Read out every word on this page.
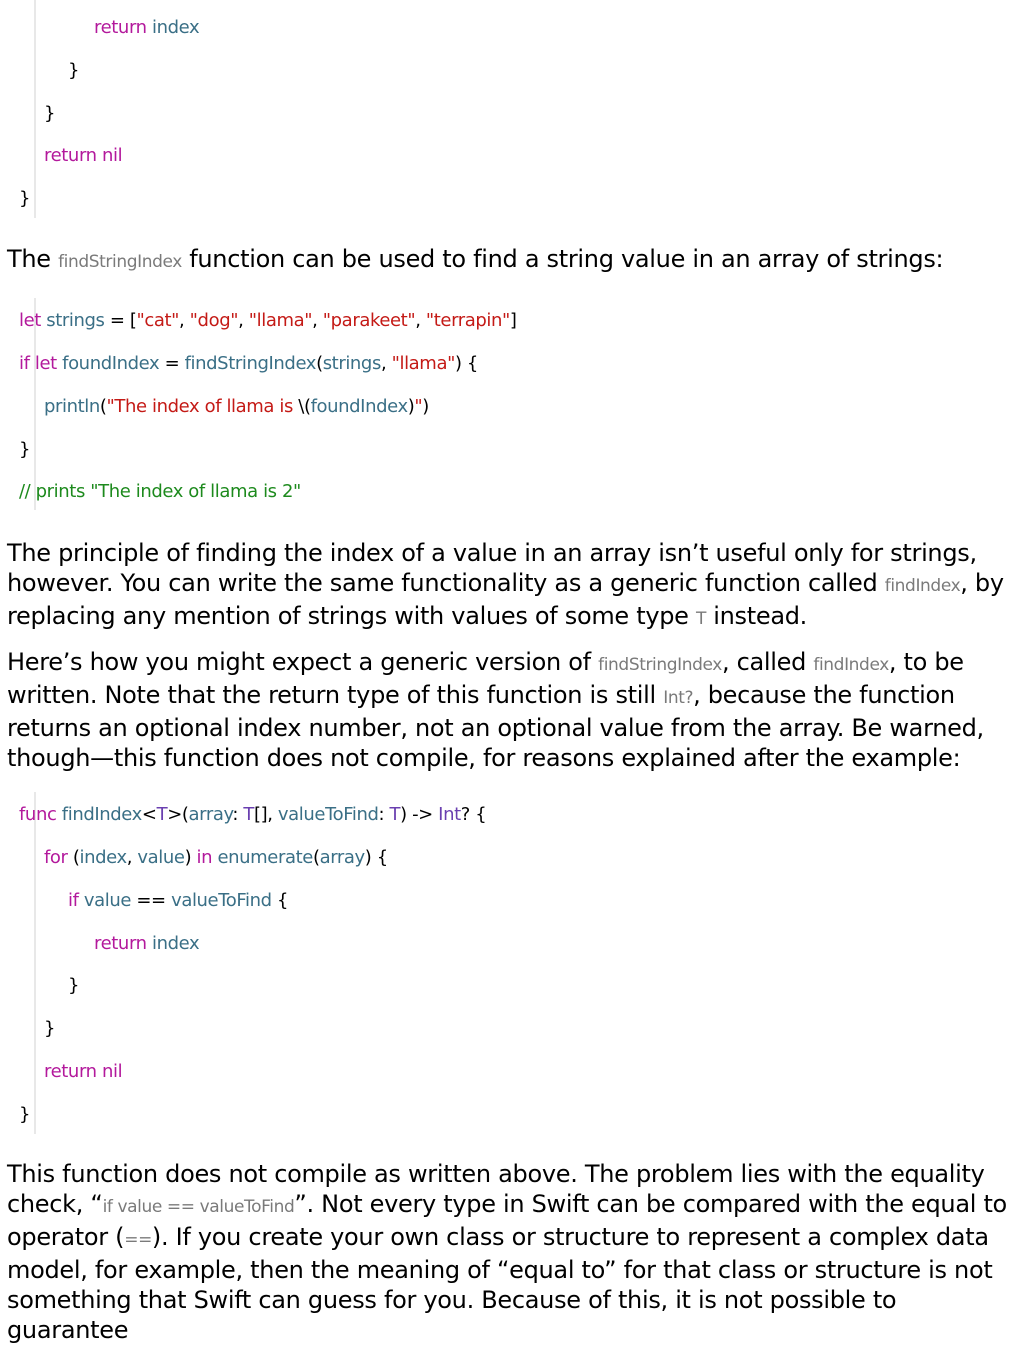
return index
}
}
return nil
}

The findStringIndex function can be used to find a string value in an array of strings:

let strings = ["cat", "dog", "llama", "parakeet", "terrapin"]
if let foundIndex = findStringIndex(strings, "llama") {
println("The index of llama is \(foundIndex)")
}
// prints "The index of llama is 2"

The principle of finding the index of a value in an array isn’t useful only for strings, however. You can write the same functionality as a generic function called findIndex, by replacing any mention of strings with values of some type T instead.

Here’s how you might expect a generic version of findStringIndex, called findIndex, to be written. Note that the return type of this function is still Int?, because the function returns an optional index number, not an optional value from the array. Be warned, though—this function does not compile, for reasons explained after the example:

func findIndex<T>(array: T[], valueToFind: T) -> Int? {
for (index, value) in enumerate(array) {
if value == valueToFind {
return index
}
}
return nil
}

This function does not compile as written above. The problem lies with the equality check, “if value == valueToFind”. Not every type in Swift can be compared with the equal to operator (==). If you create your own class or structure to represent a complex data model, for example, then the meaning of “equal to” for that class or structure is not something that Swift can guess for you. Because of this, it is not possible to guarantee
